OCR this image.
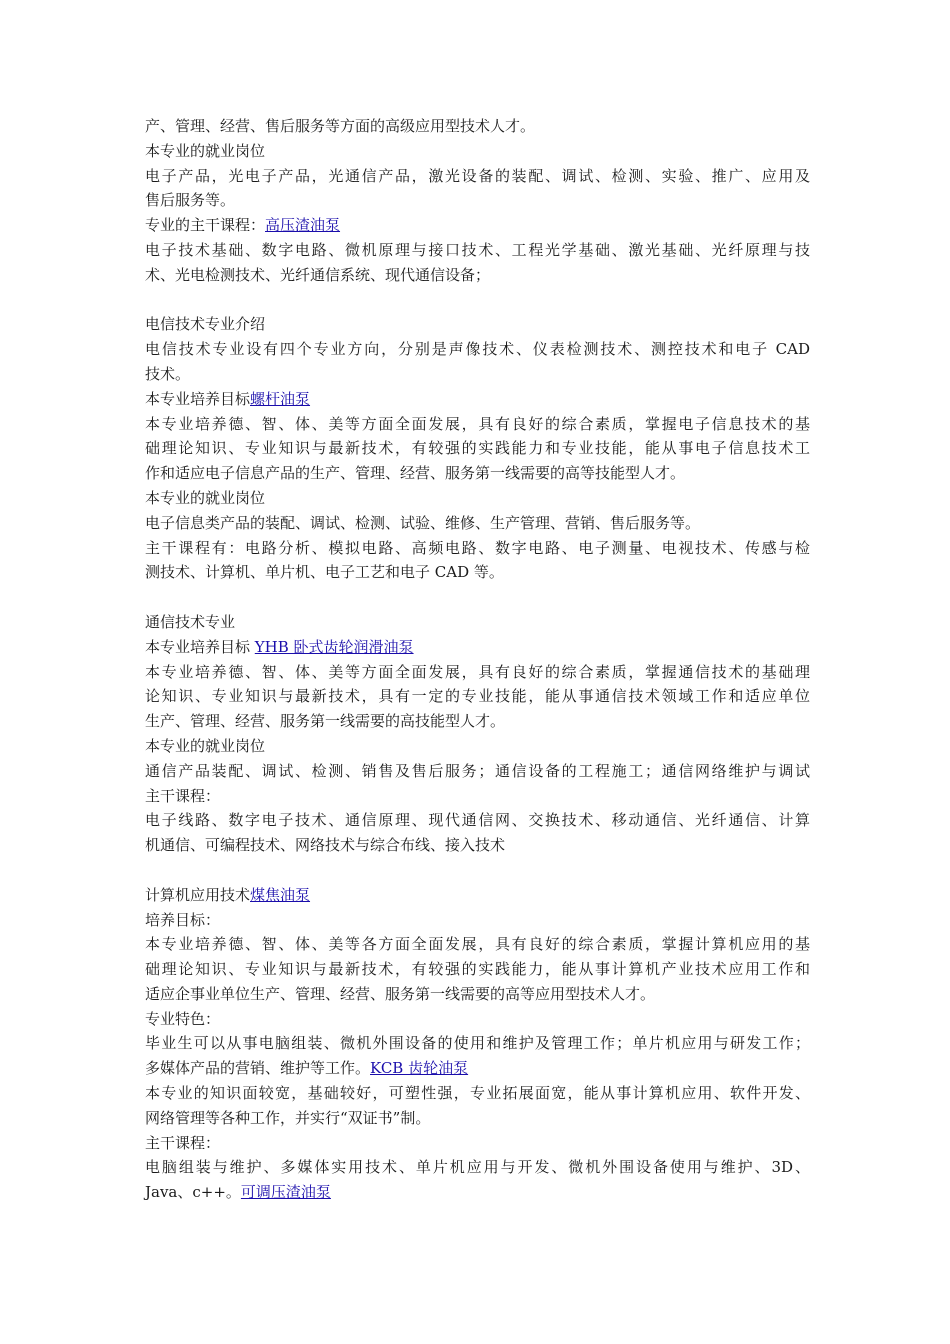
产、管理、经营、售后服务等方面的高级应用型技术人才。
本专业的就业岗位
电子产品，光电子产品，光通信产品，激光设备的装配、调试、检测、实验、推广、应用及
售后服务等。
专业的主干课程：高压渣油泵
电子技术基础、数字电路、微机原理与接口技术、工程光学基础、激光基础、光纤原理与技
术、光电检测技术、光纤通信系统、现代通信设备；
电信技术专业介绍
电信技术专业设有四个专业方向，分别是声像技术、仪表检测技术、测控技术和电子 CAD
技术。
本专业培养目标螺杆油泵
本专业培养德、智、体、美等方面全面发展，具有良好的综合素质，掌握电子信息技术的基
础理论知识、专业知识与最新技术，有较强的实践能力和专业技能，能从事电子信息技术工
作和适应电子信息产品的生产、管理、经营、服务第一线需要的高等技能型人才。
本专业的就业岗位
电子信息类产品的装配、调试、检测、试验、维修、生产管理、营销、售后服务等。
主干课程有：电路分析、模拟电路、高频电路、数字电路、电子测量、电视技术、传感与检
测技术、计算机、单片机、电子工艺和电子 CAD 等。
通信技术专业
本专业培养目标 YHB 卧式齿轮润滑油泵
本专业培养德、智、体、美等方面全面发展，具有良好的综合素质，掌握通信技术的基础理
论知识、专业知识与最新技术，具有一定的专业技能，能从事通信技术领域工作和适应单位
生产、管理、经营、服务第一线需要的高技能型人才。
本专业的就业岗位
通信产品装配、调试、检测、销售及售后服务；通信设备的工程施工；通信网络维护与调试
主干课程：
电子线路、数字电子技术、通信原理、现代通信网、交换技术、移动通信、光纤通信、计算
机通信、可编程技术、网络技术与综合布线、接入技术
计算机应用技术煤焦油泵
培养目标：
本专业培养德、智、体、美等各方面全面发展，具有良好的综合素质，掌握计算机应用的基
础理论知识、专业知识与最新技术，有较强的实践能力，能从事计算机产业技术应用工作和
适应企事业单位生产、管理、经营、服务第一线需要的高等应用型技术人才。
专业特色：
毕业生可以从事电脑组装、微机外围设备的使用和维护及管理工作；单片机应用与研发工作；
多媒体产品的营销、维护等工作。KCB 齿轮油泵
本专业的知识面较宽，基础较好，可塑性强，专业拓展面宽，能从事计算机应用、软件开发、
网络管理等各种工作，并实行“双证书”制。
主干课程：
电脑组装与维护、多媒体实用技术、单片机应用与开发、微机外围设备使用与维护、3D、
Java、c++。可调压渣油泵
